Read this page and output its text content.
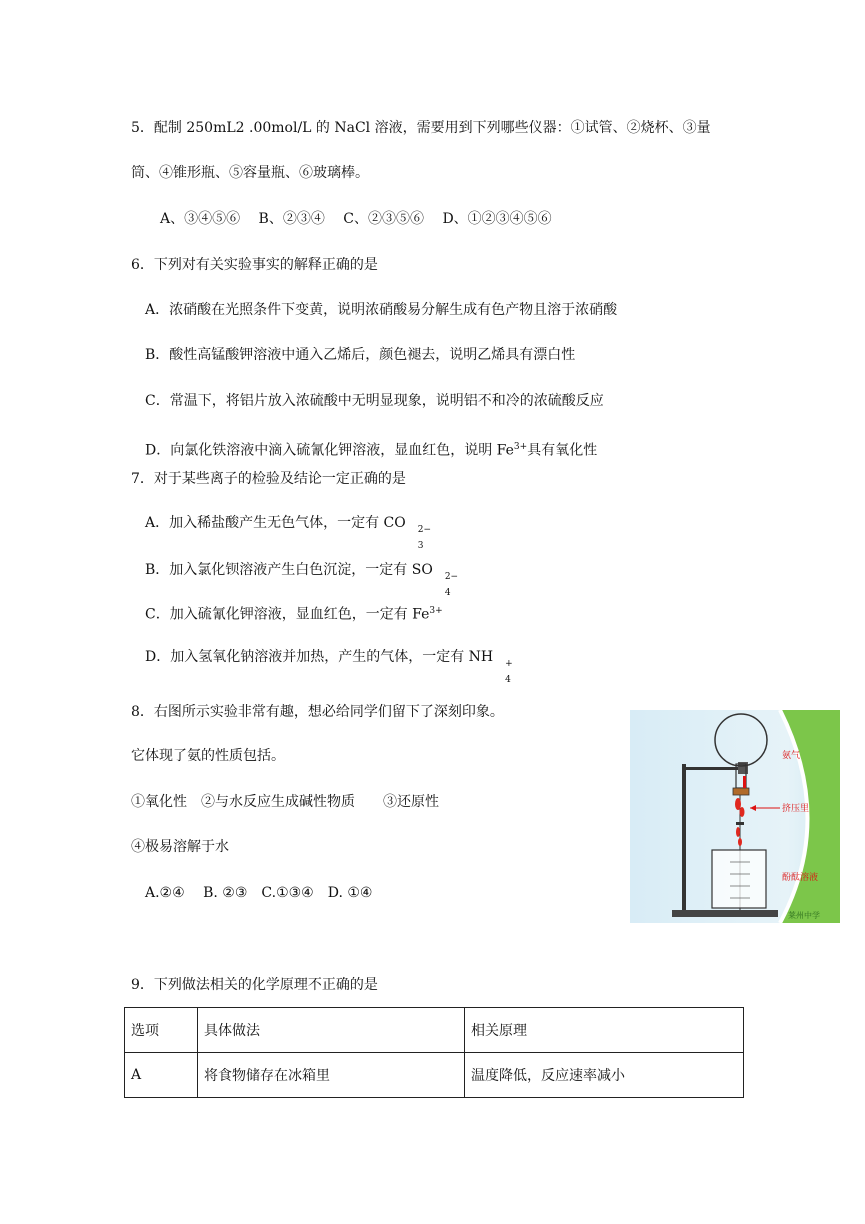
5．配制 250mL2 .00mol/L 的 NaCl 溶液，需要用到下列哪些仪器：①试管、②烧杯、③量
筒、④锥形瓶、⑤容量瓶、⑥玻璃棒。
A、③④⑤⑥　 B、②③④　 C、②③⑤⑥　 D、①②③④⑤⑥
6．下列对有关实验事实的解释正确的是
A．浓硝酸在光照条件下变黄，说明浓硝酸易分解生成有色产物且溶于浓硝酸
B．酸性高锰酸钾溶液中通入乙烯后，颜色褪去，说明乙烯具有漂白性
C．常温下，将铝片放入浓硫酸中无明显现象，说明铝不和冷的浓硫酸反应
D．向氯化铁溶液中滴入硫氰化钾溶液，显血红色，说明 $Fe^{3+}$具有氧化性
7．对于某些离子的检验及结论一定正确的是
A．加入稀盐酸产生无色气体，一定有 CO 2−
3
B．加入氯化钡溶液产生白色沉淀，一定有 SO 2−
4
C．加入硫氰化钾溶液，显血红色，一定有 $Fe^{3+}$
D．加入氢氧化钠溶液并加热，产生的气体，一定有 NH +
4
8．右图所示实验非常有趣，想必给同学们留下了深刻印象。
它体现了氨的性质包括。
①氧化性　②与水反应生成碱性物质　　③还原性
④极易溶解于水
A.②④　 B. ②③　C.①③④　D. ①④
氨气
挤压里
酚酞溶液
莱州中学
9．下列做法相关的化学原理不正确的是
选项	具体做法	相关原理
A	将食物储存在冰箱里	温度降低，反应速率减小
